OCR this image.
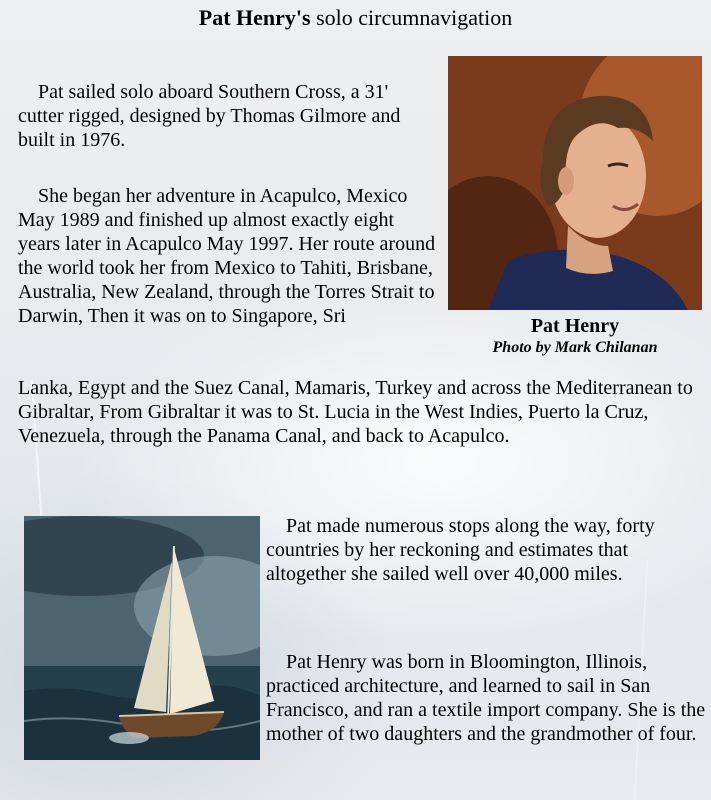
Pat Henry's solo circumnavigation
Pat Henry
Photo by Mark Chilanan

Pat sailed solo aboard Southern Cross, a 31' cutter rigged, designed by Thomas Gilmore and built in 1976.

She began her adventure in Acapulco, Mexico May 1989 and finished up almost exactly eight years later in Acapulco May 1997. Her route around the world took her from Mexico to Tahiti, Brisbane, Australia, New Zealand, through the Torres Strait to Darwin, Then it was on to Singapore, Sri

Lanka, Egypt and the Suez Canal, Mamaris, Turkey and across the Mediterranean to Gibraltar, From Gibraltar it was to St. Lucia in the West Indies, Puerto la Cruz, Venezuela, through the Panama Canal, and back to Acapulco.

Pat made numerous stops along the way, forty countries by her reckoning and estimates that altogether she sailed well over 40,000 miles.

Pat Henry was born in Bloomington, Illinois, practiced architecture, and learned to sail in San Francisco, and ran a textile import company. She is the mother of two daughters and the grandmother of four.
